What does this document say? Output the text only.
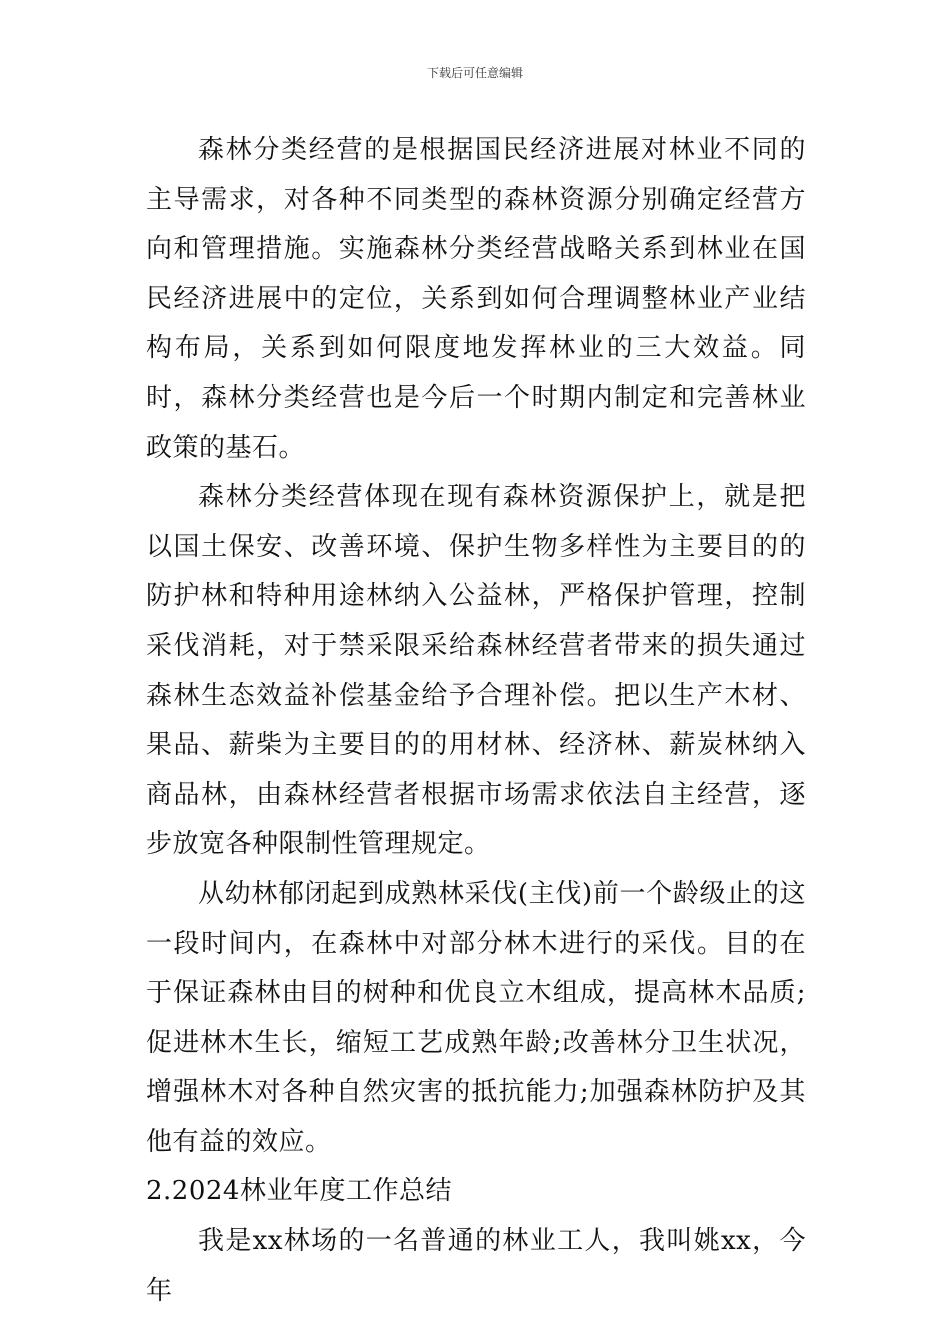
下载后可任意编辑

森林分类经营的是根据国民经济进展对林业不同的主导需求，对各种不同类型的森林资源分别确定经营方向和管理措施。实施森林分类经营战略关系到林业在国民经济进展中的定位，关系到如何合理调整林业产业结构布局，关系到如何限度地发挥林业的三大效益。同时，森林分类经营也是今后一个时期内制定和完善林业政策的基石。

森林分类经营体现在现有森林资源保护上，就是把以国土保安、改善环境、保护生物多样性为主要目的的防护林和特种用途林纳入公益林，严格保护管理，控制采伐消耗，对于禁采限采给森林经营者带来的损失通过森林生态效益补偿基金给予合理补偿。把以生产木材、果品、薪柴为主要目的的用材林、经济林、薪炭林纳入商品林，由森林经营者根据市场需求依法自主经营，逐步放宽各种限制性管理规定。

从幼林郁闭起到成熟林采伐(主伐)前一个龄级止的这一段时间内，在森林中对部分林木进行的采伐。目的在于保证森林由目的树种和优良立木组成，提高林木品质;促进林木生长，缩短工艺成熟年龄;改善林分卫生状况，增强林木对各种自然灾害的抵抗能力;加强森林防护及其他有益的效应。

2.2024林业年度工作总结

我是xx林场的一名普通的林业工人，我叫姚xx，今年
